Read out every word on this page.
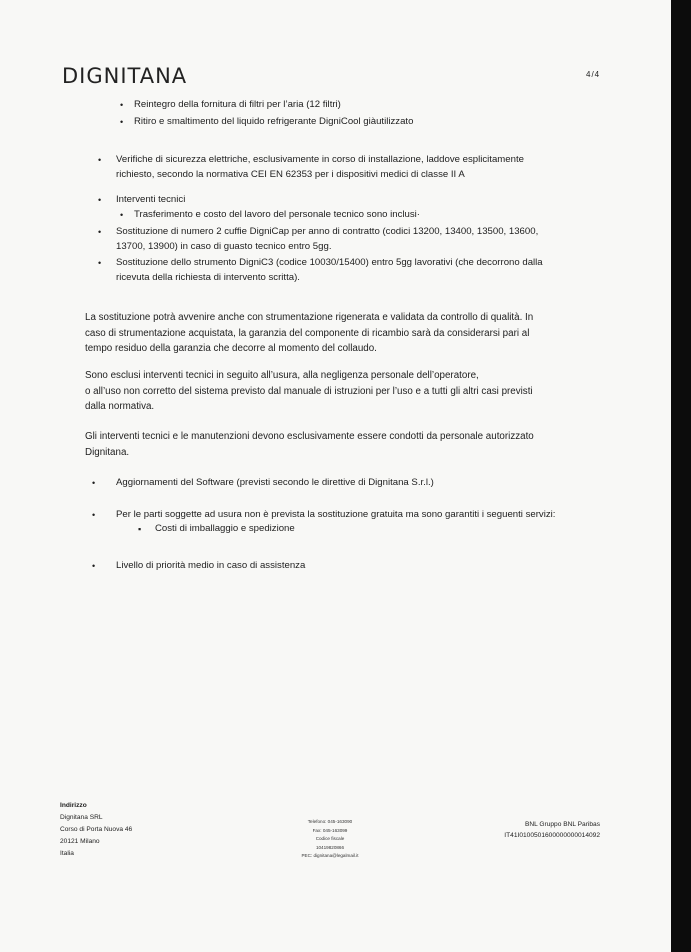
DIGNITANA	4/4
• Reintegro della fornitura di filtri per l’aria (12 filtri)
• Ritiro e smaltimento del liquido refrigerante DigniCool giàutilizzato
• Verifiche di sicurezza elettriche, esclusivamente in corso di installazione, laddove esplicitamente
richiesto, secondo la normativa CEI EN 62353 per i dispositivi medici di classe II A
• Interventi tecnici
• Trasferimento e costo del lavoro del personale tecnico sono inclusi·
• Sostituzione di numero 2 cuffie DigniCap per anno di contratto (codici 13200, 13400, 13500, 13600,
13700, 13900) in caso di guasto tecnico entro 5gg.
• Sostituzione dello strumento DigniC3 (codice 10030/15400) entro 5gg lavorativi (che decorrono dalla
ricevuta della richiesta di intervento scritta).
La sostituzione potrà avvenire anche con strumentazione rigenerata e validata da controllo di qualità. In
caso di strumentazione acquistata, la garanzia del componente di ricambio sarà da considerarsi pari al
tempo residuo della garanzia che decorre al momento del collaudo.
Sono esclusi interventi tecnici in seguito all’usura, alla negligenza personale dell’operatore,
o all’uso non corretto del sistema previsto dal manuale di istruzioni per l’uso e a tutti gli altri casi previsti
dalla normativa.
Gli interventi tecnici e le manutenzioni devono esclusivamente essere condotti da personale autorizzato
Dignitana.
• Aggiornamenti del Software (previsti secondo le direttive di Dignitana S.r.l.)
• Per le parti soggette ad usura non è prevista la sostituzione gratuita ma sono garantiti i seguenti servizi:
▪ Costi di imballaggio e spedizione
• Livello di priorità medio in caso di assistenza
Indirizzo
Dignitana SRL
Corso di Porta Nuova 46
20121 Milano
Italia
Telefono: 045-163090
Fax: 045-163099
Codice fiscale
10419820866
PEC: dignitana@legalmail.it
BNL Gruppo BNL Paribas
IT41I0100501600000000014092
